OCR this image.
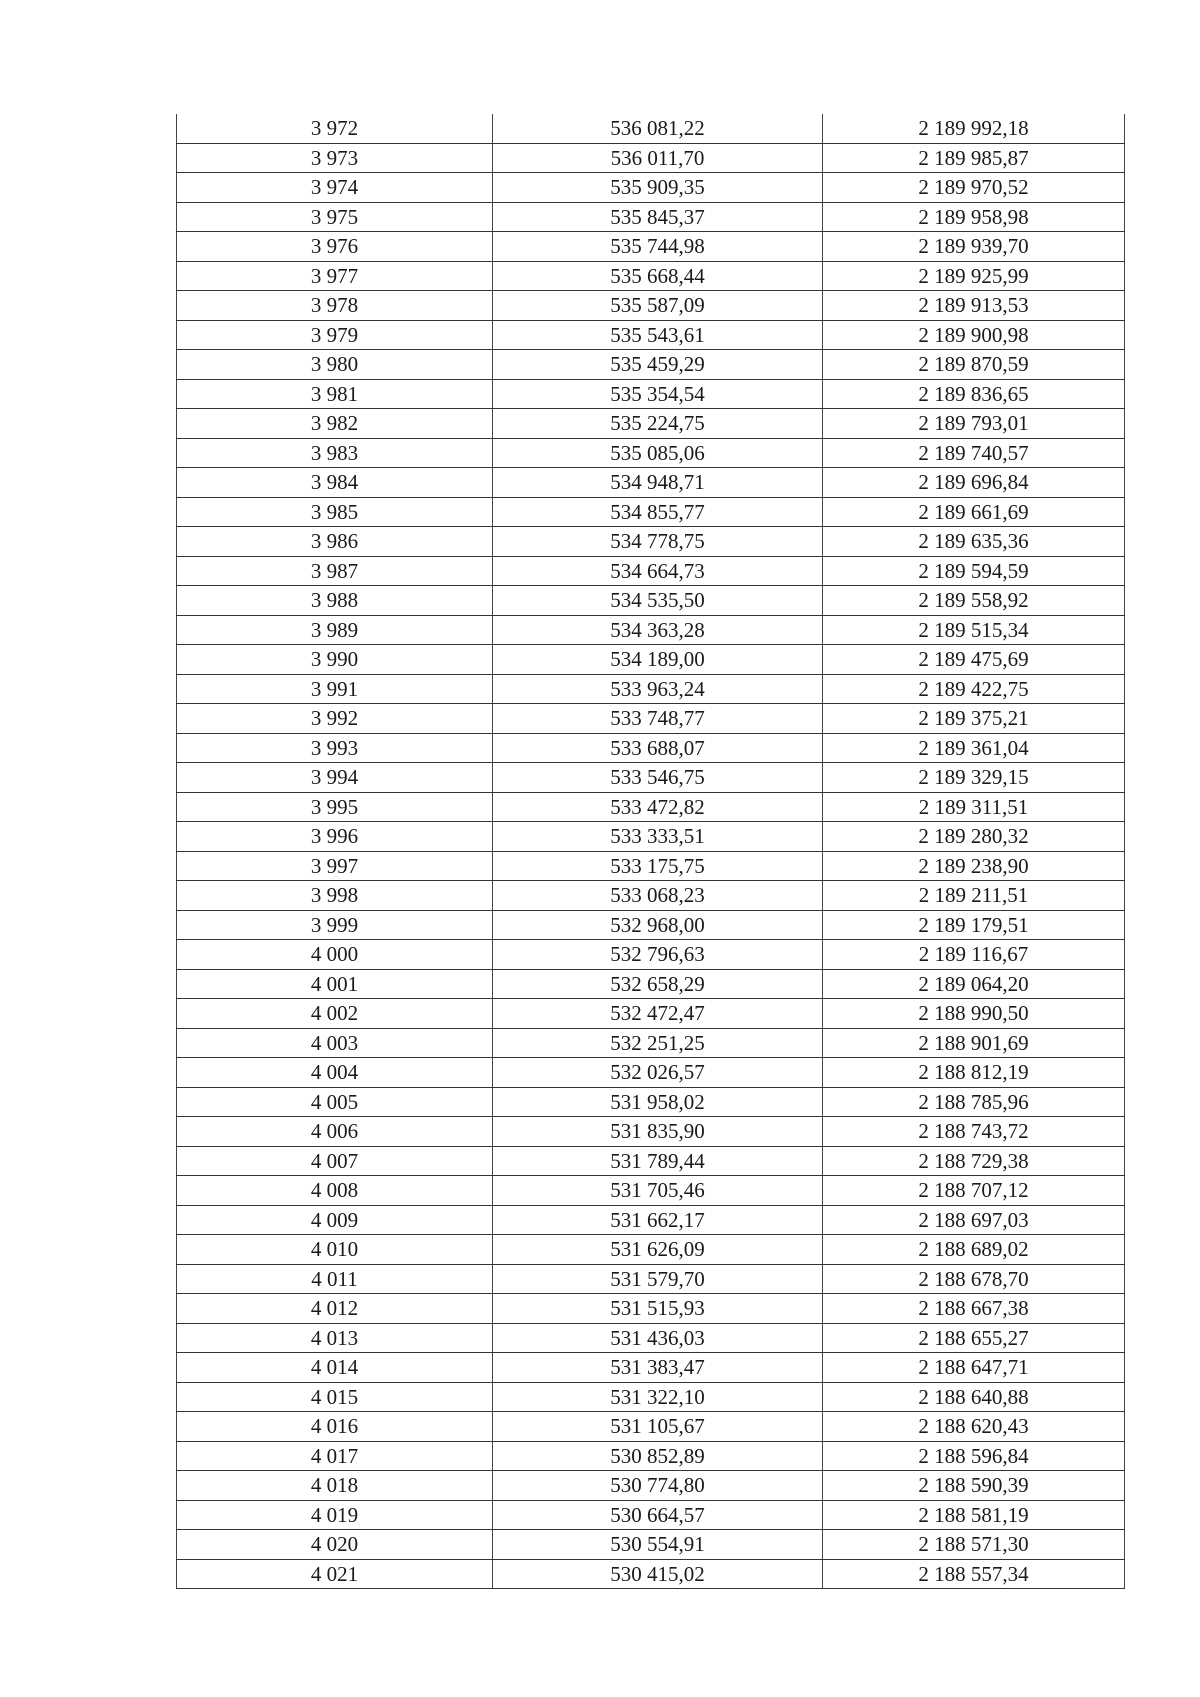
3 972	536 081,22	2 189 992,18
3 973	536 011,70	2 189 985,87
3 974	535 909,35	2 189 970,52
3 975	535 845,37	2 189 958,98
3 976	535 744,98	2 189 939,70
3 977	535 668,44	2 189 925,99
3 978	535 587,09	2 189 913,53
3 979	535 543,61	2 189 900,98
3 980	535 459,29	2 189 870,59
3 981	535 354,54	2 189 836,65
3 982	535 224,75	2 189 793,01
3 983	535 085,06	2 189 740,57
3 984	534 948,71	2 189 696,84
3 985	534 855,77	2 189 661,69
3 986	534 778,75	2 189 635,36
3 987	534 664,73	2 189 594,59
3 988	534 535,50	2 189 558,92
3 989	534 363,28	2 189 515,34
3 990	534 189,00	2 189 475,69
3 991	533 963,24	2 189 422,75
3 992	533 748,77	2 189 375,21
3 993	533 688,07	2 189 361,04
3 994	533 546,75	2 189 329,15
3 995	533 472,82	2 189 311,51
3 996	533 333,51	2 189 280,32
3 997	533 175,75	2 189 238,90
3 998	533 068,23	2 189 211,51
3 999	532 968,00	2 189 179,51
4 000	532 796,63	2 189 116,67
4 001	532 658,29	2 189 064,20
4 002	532 472,47	2 188 990,50
4 003	532 251,25	2 188 901,69
4 004	532 026,57	2 188 812,19
4 005	531 958,02	2 188 785,96
4 006	531 835,90	2 188 743,72
4 007	531 789,44	2 188 729,38
4 008	531 705,46	2 188 707,12
4 009	531 662,17	2 188 697,03
4 010	531 626,09	2 188 689,02
4 011	531 579,70	2 188 678,70
4 012	531 515,93	2 188 667,38
4 013	531 436,03	2 188 655,27
4 014	531 383,47	2 188 647,71
4 015	531 322,10	2 188 640,88
4 016	531 105,67	2 188 620,43
4 017	530 852,89	2 188 596,84
4 018	530 774,80	2 188 590,39
4 019	530 664,57	2 188 581,19
4 020	530 554,91	2 188 571,30
4 021	530 415,02	2 188 557,34
